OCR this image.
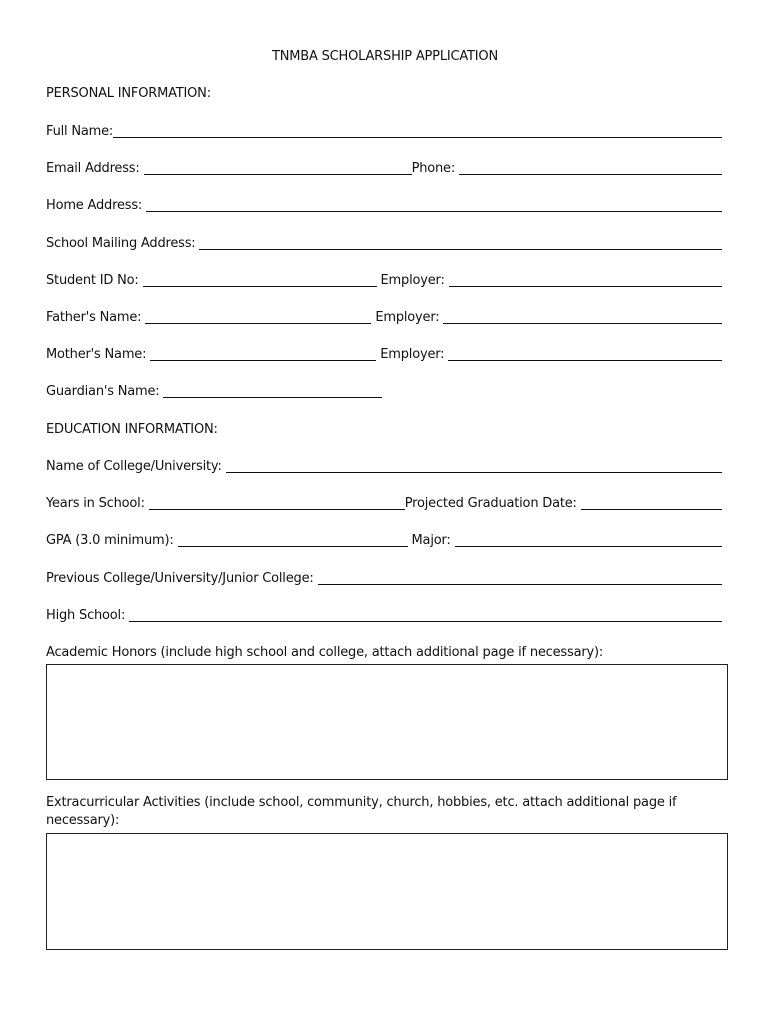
TNMBA SCHOLARSHIP APPLICATION
PERSONAL INFORMATION:
Full Name:
Email Address:	Phone:
Home Address:
School Mailing Address:
Student ID No:	Employer:
Father's Name:	Employer:
Mother's Name:	Employer:
Guardian's Name:
EDUCATION INFORMATION:
Name of College/University:
Years in School:	Projected Graduation Date:
GPA (3.0 minimum):	Major:
Previous College/University/Junior College:
High School:
Academic Honors (include high school and college, attach additional page if necessary):
Extracurricular Activities (include school, community, church, hobbies, etc. attach additional page if
necessary):
